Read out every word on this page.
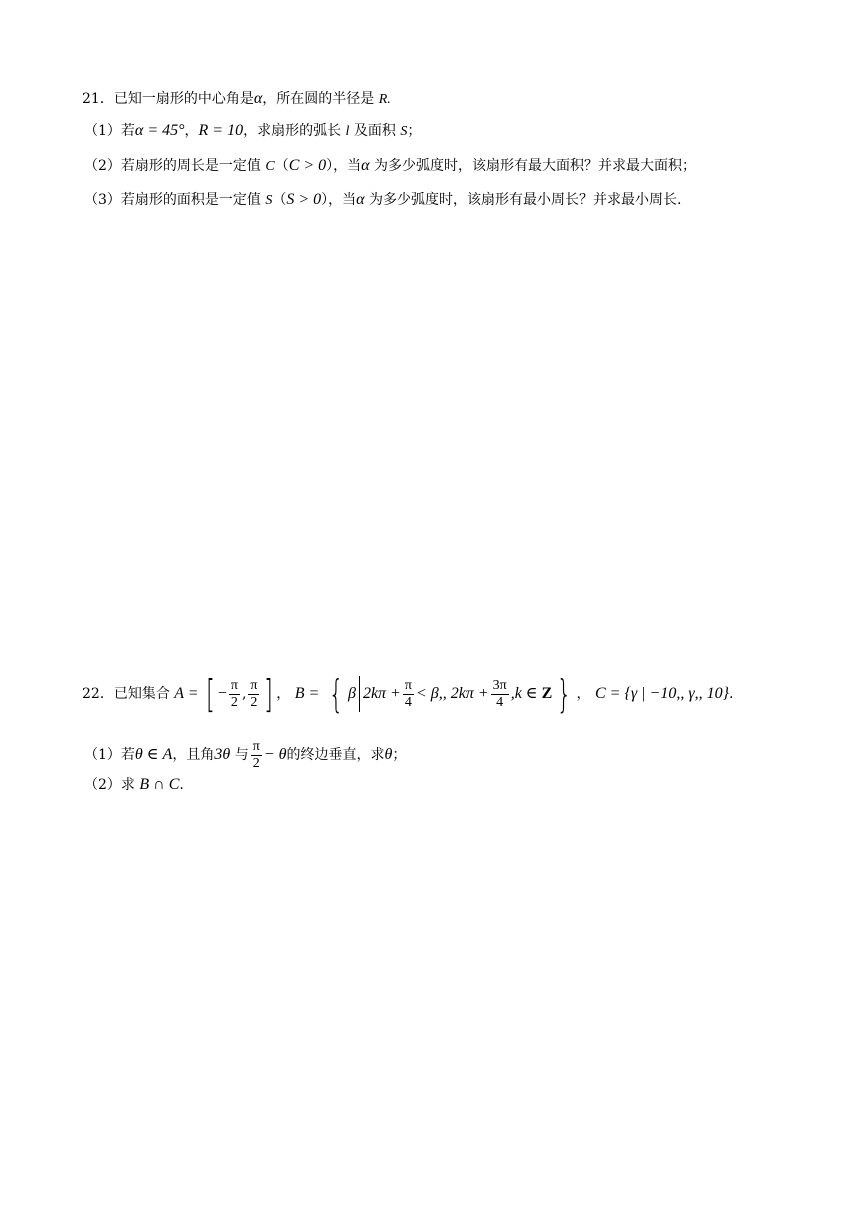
21．已知一扇形的中心角是α，所在圆的半径是 R.
（1）若α = 45°，R = 10，求扇形的弧长 l 及面积 S；
（2）若扇形的周长是一定值 C（C > 0），当α 为多少弧度时，该扇形有最大面积？并求最大面积；
（3）若扇形的面积是一定值 S（S > 0），当α 为多少弧度时，该扇形有最小周长？并求最小周长.
22．已知集合 A = [ − $\frac{\pi}{2}$ , $\frac{\pi}{2}$ ] ， B = { β $2k\pi + \frac{\pi}{4} < \beta$,, $2k\pi + \frac{3\pi}{4} ,k$ ∈ Z } ， C = {γ | −10,, γ,, 10}.
（1）若θ ∈ A，且角3θ 与 $\frac{\pi}{2} - \theta$的终边垂直，求θ；
（2）求 B ∩ C.
